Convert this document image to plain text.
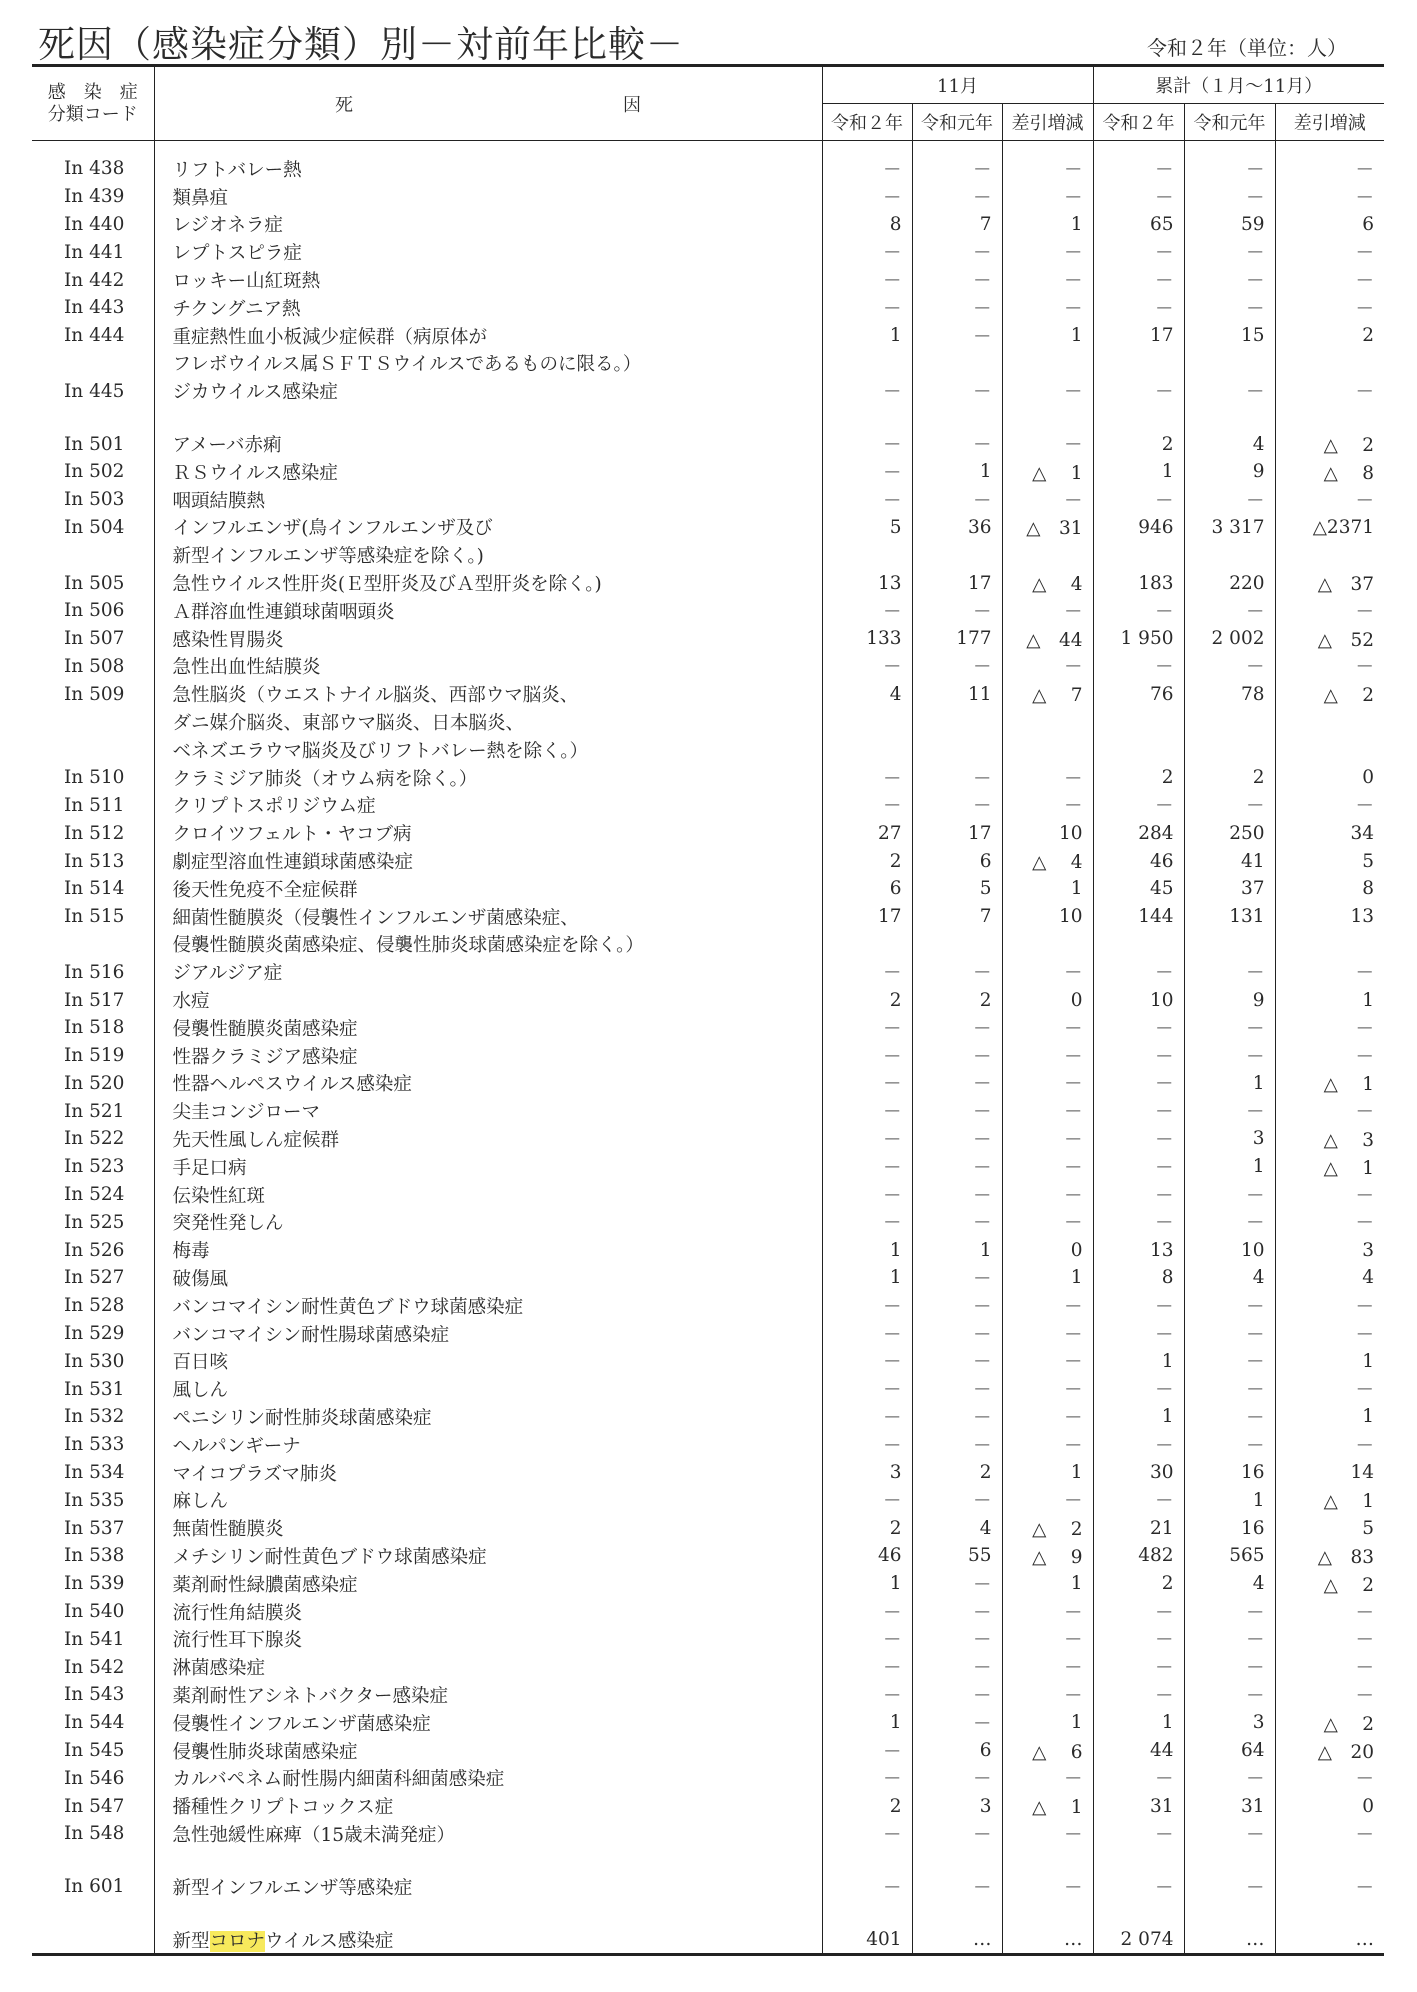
死因（感染症分類）別－対前年比較－	令和２年（単位：人）
感　染　症
分類コード	死　　　　　　　　　　　　　　　因	11月			累計（１月～11月）		
		令和２年	令和元年	差引増減	令和２年	令和元年	差引増減

In 438	リフトバレー熱	－	－	－	－	－	－
In 439	類鼻疽	－	－	－	－	－	－
In 440	レジオネラ症	8	7	1	65	59	6
In 441	レプトスピラ症	－	－	－	－	－	－
In 442	ロッキー山紅斑熱	－	－	－	－	－	－
In 443	チクングニア熱	－	－	－	－	－	－
In 444	重症熱性血小板減少症候群（病原体が	1	－	1	17	15	2
	フレボウイルス属ＳＦＴＳウイルスであるものに限る。）						
In 445	ジカウイルス感染症	－	－	－	－	－	－

In 501	アメーバ赤痢	－	－	－	2	4	△　 2
In 502	ＲＳウイルス感染症	－	1	△　 1	1	9	△　 8
In 503	咽頭結膜熱	－	－	－	－	－	－
In 504	インフルエンザ(鳥インフルエンザ及び	5	36	△　31	946	3 317	△2371
	新型インフルエンザ等感染症を除く。)						
In 505	急性ウイルス性肝炎(Ｅ型肝炎及びＡ型肝炎を除く。)	13	17	△　 4	183	220	△　37
In 506	Ａ群溶血性連鎖球菌咽頭炎	－	－	－	－	－	－
In 507	感染性胃腸炎	133	177	△　44	1 950	2 002	△　52
In 508	急性出血性結膜炎	－	－	－	－	－	－
In 509	急性脳炎（ウエストナイル脳炎、西部ウマ脳炎、	4	11	△　 7	76	78	△　 2
	ダニ媒介脳炎、東部ウマ脳炎、日本脳炎、						
	ベネズエラウマ脳炎及びリフトバレー熱を除く。）						
In 510	クラミジア肺炎（オウム病を除く。）	－	－	－	2	2	0
In 511	クリプトスポリジウム症	－	－	－	－	－	－
In 512	クロイツフェルト・ヤコブ病	27	17	10	284	250	34
In 513	劇症型溶血性連鎖球菌感染症	2	6	△　 4	46	41	5
In 514	後天性免疫不全症候群	6	5	1	45	37	8
In 515	細菌性髄膜炎（侵襲性インフルエンザ菌感染症、	17	7	10	144	131	13
	侵襲性髄膜炎菌感染症、侵襲性肺炎球菌感染症を除く。）						
In 516	ジアルジア症	－	－	－	－	－	－
In 517	水痘	2	2	0	10	9	1
In 518	侵襲性髄膜炎菌感染症	－	－	－	－	－	－
In 519	性器クラミジア感染症	－	－	－	－	－	－
In 520	性器ヘルペスウイルス感染症	－	－	－	－	1	△　 1
In 521	尖圭コンジローマ	－	－	－	－	－	－
In 522	先天性風しん症候群	－	－	－	－	3	△　 3
In 523	手足口病	－	－	－	－	1	△　 1
In 524	伝染性紅斑	－	－	－	－	－	－
In 525	突発性発しん	－	－	－	－	－	－
In 526	梅毒	1	1	0	13	10	3
In 527	破傷風	1	－	1	8	4	4
In 528	バンコマイシン耐性黄色ブドウ球菌感染症	－	－	－	－	－	－
In 529	バンコマイシン耐性腸球菌感染症	－	－	－	－	－	－
In 530	百日咳	－	－	－	1	－	1
In 531	風しん	－	－	－	－	－	－
In 532	ペニシリン耐性肺炎球菌感染症	－	－	－	1	－	1
In 533	ヘルパンギーナ	－	－	－	－	－	－
In 534	マイコプラズマ肺炎	3	2	1	30	16	14
In 535	麻しん	－	－	－	－	1	△　 1
In 537	無菌性髄膜炎	2	4	△　 2	21	16	5
In 538	メチシリン耐性黄色ブドウ球菌感染症	46	55	△　 9	482	565	△　83
In 539	薬剤耐性緑膿菌感染症	1	－	1	2	4	△　 2
In 540	流行性角結膜炎	－	－	－	－	－	－
In 541	流行性耳下腺炎	－	－	－	－	－	－
In 542	淋菌感染症	－	－	－	－	－	－
In 543	薬剤耐性アシネトバクター感染症	－	－	－	－	－	－
In 544	侵襲性インフルエンザ菌感染症	1	－	1	1	3	△　 2
In 545	侵襲性肺炎球菌感染症	－	6	△　 6	44	64	△　20
In 546	カルバペネム耐性腸内細菌科細菌感染症	－	－	－	－	－	－
In 547	播種性クリプトコックス症	2	3	△　 1	31	31	0
In 548	急性弛緩性麻痺（15歳未満発症）	－	－	－	－	－	－

In 601	新型インフルエンザ等感染症	－	－	－	－	－	－

	新型コロナウイルス感染症	401	…	…	2 074	…	…
